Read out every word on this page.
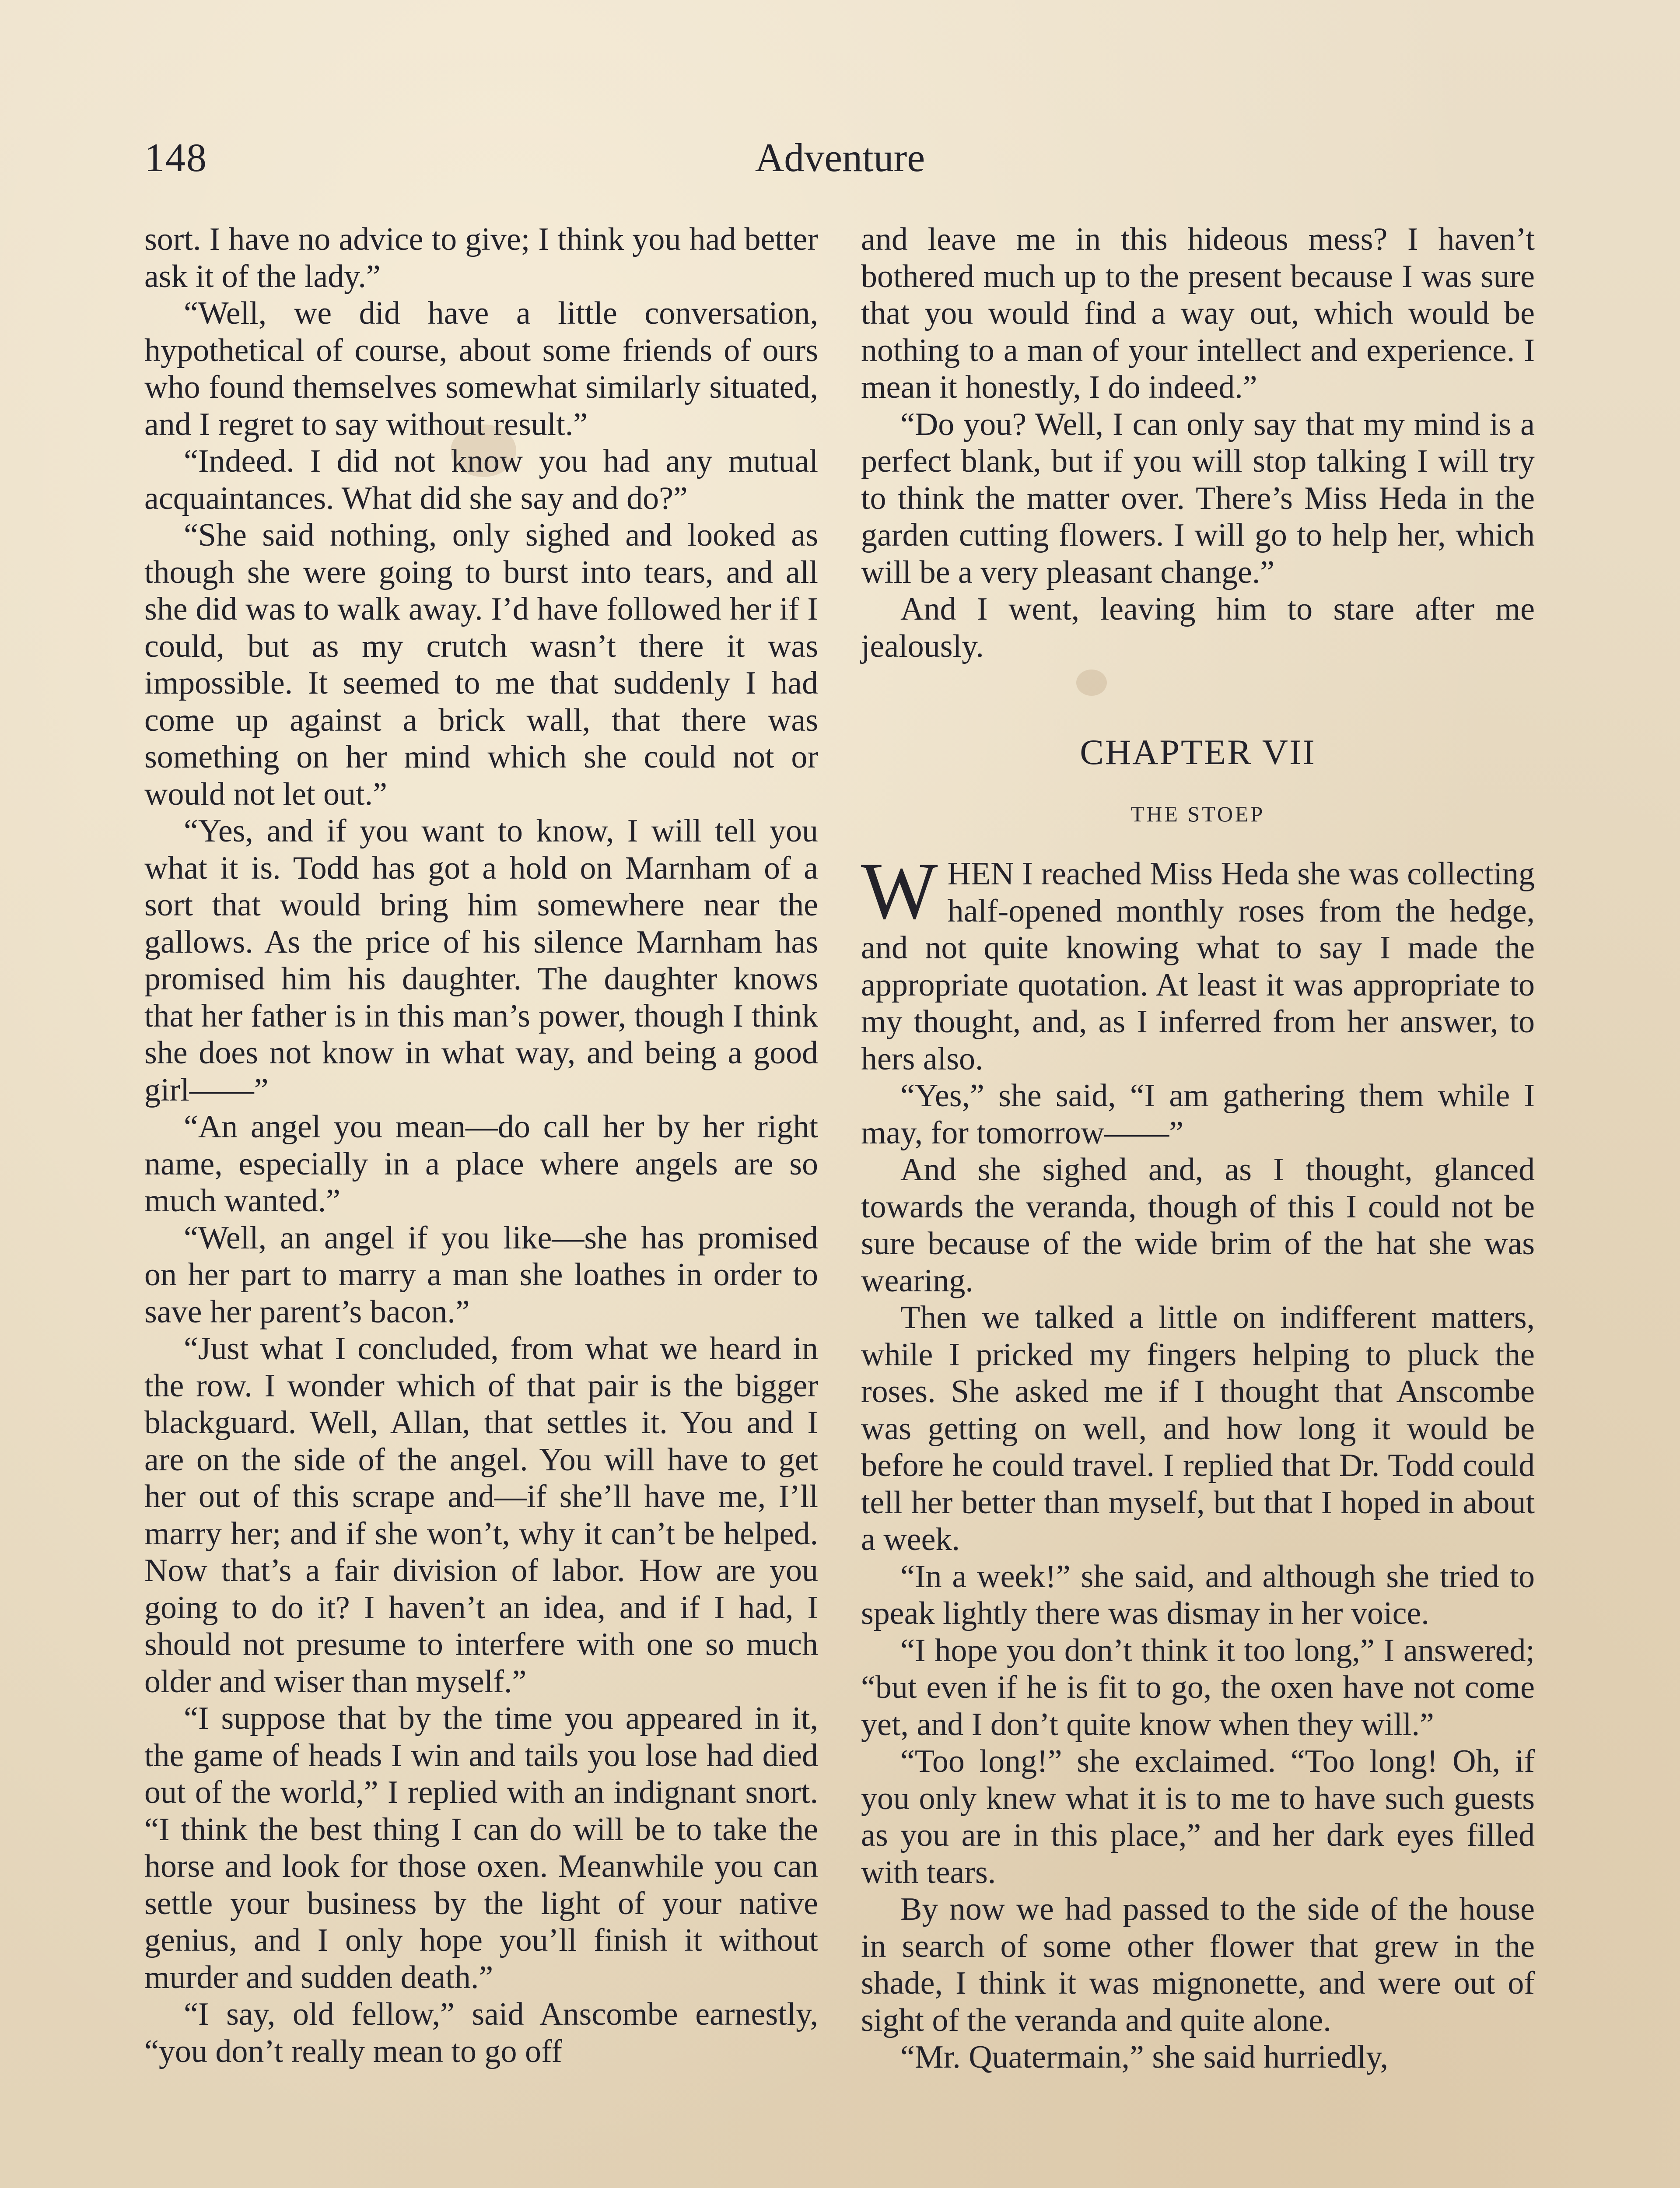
148	Adventure

sort. I have no advice to give; I think you had better ask it of the lady.”

“Well, we did have a little conversation, hypothetical of course, about some friends of ours who found themselves somewhat similarly situated, and I regret to say without result.”

“Indeed. I did not know you had any mutual acquaintances. What did she say and do?”

“She said nothing, only sighed and looked as though she were going to burst into tears, and all she did was to walk away. I’d have followed her if I could, but as my crutch wasn’t there it was impossible. It seemed to me that suddenly I had come up against a brick wall, that there was something on her mind which she could not or would not let out.”

“Yes, and if you want to know, I will tell you what it is. Todd has got a hold on Marnham of a sort that would bring him somewhere near the gallows. As the price of his silence Marnham has promised him his daughter. The daughter knows that her father is in this man’s power, though I think she does not know in what way, and being a good girl——”

“An angel you mean—do call her by her right name, especially in a place where angels are so much wanted.”

“Well, an angel if you like—she has promised on her part to marry a man she loathes in order to save her parent’s bacon.”

“Just what I concluded, from what we heard in the row. I wonder which of that pair is the bigger blackguard. Well, Allan, that settles it. You and I are on the side of the angel. You will have to get her out of this scrape and—if she’ll have me, I’ll marry her; and if she won’t, why it can’t be helped. Now that’s a fair division of labor. How are you going to do it? I haven’t an idea, and if I had, I should not presume to interfere with one so much older and wiser than myself.”

“I suppose that by the time you appeared in it, the game of heads I win and tails you lose had died out of the world,” I replied with an indignant snort. “I think the best thing I can do will be to take the horse and look for those oxen. Meanwhile you can settle your business by the light of your native genius, and I only hope you’ll finish it without murder and sudden death.”

“I say, old fellow,” said Anscombe earnestly, “you don’t really mean to go off

and leave me in this hideous mess? I haven’t bothered much up to the present because I was sure that you would find a way out, which would be nothing to a man of your intellect and experience. I mean it honestly, I do indeed.”

“Do you? Well, I can only say that my mind is a perfect blank, but if you will stop talking I will try to think the matter over. There’s Miss Heda in the garden cutting flowers. I will go to help her, which will be a very pleasant change.”

And I went, leaving him to stare after me jealously.

CHAPTER VII
THE STOEP

WHEN I reached Miss Heda she was collecting half-opened monthly roses from the hedge, and not quite knowing what to say I made the appropriate quotation. At least it was appropriate to my thought, and, as I inferred from her answer, to hers also.

“Yes,” she said, “I am gathering them while I may, for tomorrow——”

And she sighed and, as I thought, glanced towards the veranda, though of this I could not be sure because of the wide brim of the hat she was wearing.

Then we talked a little on indifferent matters, while I pricked my fingers helping to pluck the roses. She asked me if I thought that Anscombe was getting on well, and how long it would be before he could travel. I replied that Dr. Todd could tell her better than myself, but that I hoped in about a week.

“In a week!” she said, and although she tried to speak lightly there was dismay in her voice.

“I hope you don’t think it too long,” I answered; “but even if he is fit to go, the oxen have not come yet, and I don’t quite know when they will.”

“Too long!” she exclaimed. “Too long! Oh, if you only knew what it is to me to have such guests as you are in this place,” and her dark eyes filled with tears.

By now we had passed to the side of the house in search of some other flower that grew in the shade, I think it was mignonette, and were out of sight of the veranda and quite alone.

“Mr. Quatermain,” she said hurriedly,
